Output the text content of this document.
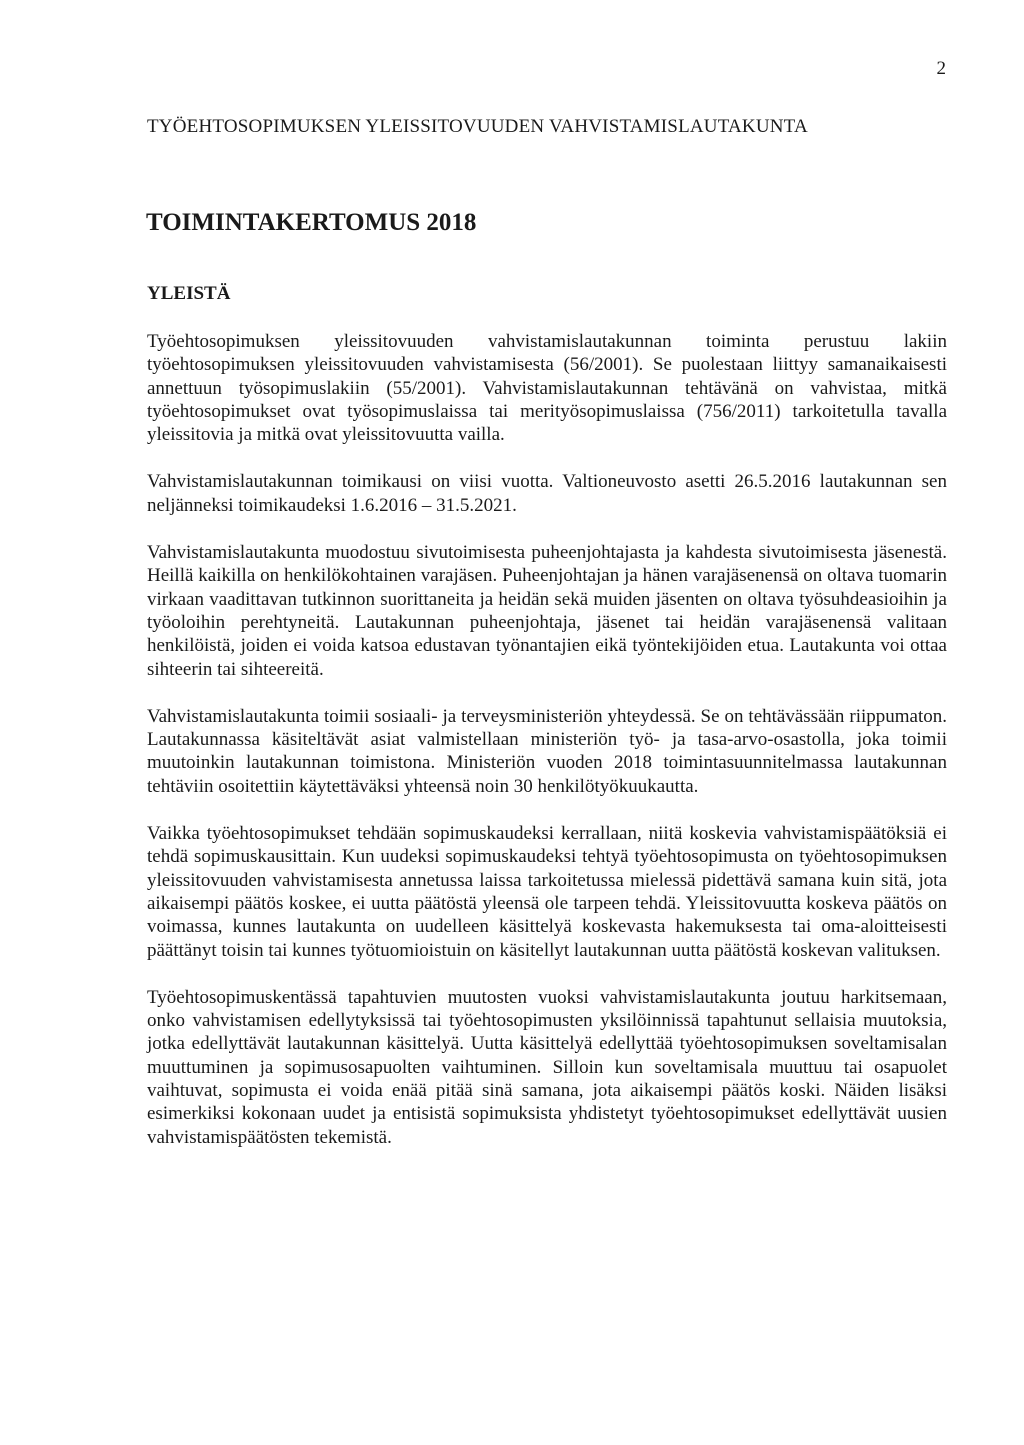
2
TYÖEHTOSOPIMUKSEN YLEISSITOVUUDEN VAHVISTAMISLAUTAKUNTA
TOIMINTAKERTOMUS 2018
YLEISTÄ

Työehtosopimuksen yleissitovuuden vahvistamislautakunnan toiminta perustuu lakiin työehtosopimuksen yleissitovuuden vahvistamisesta (56/2001). Se puolestaan liittyy samanaikaisesti annettuun työsopimuslakiin (55/2001). Vahvistamislautakunnan tehtävänä on vahvistaa, mitkä työehtosopimukset ovat työsopimuslaissa tai merityösopimuslaissa (756/2011) tarkoitetulla tavalla yleissitovia ja mitkä ovat yleissitovuutta vailla.

Vahvistamislautakunnan toimikausi on viisi vuotta. Valtioneuvosto asetti 26.5.2016 lautakunnan sen neljänneksi toimikaudeksi 1.6.2016 – 31.5.2021.

Vahvistamislautakunta muodostuu sivutoimisesta puheenjohtajasta ja kahdesta sivutoimisesta jäsenestä. Heillä kaikilla on henkilökohtainen varajäsen. Puheenjohtajan ja hänen varajäsenensä on oltava tuomarin virkaan vaadittavan tutkinnon suorittaneita ja heidän sekä muiden jäsenten on oltava työsuhdeasioihin ja työoloihin perehtyneitä. Lautakunnan puheenjohtaja, jäsenet tai heidän varajäsenensä valitaan henkilöistä, joiden ei voida katsoa edustavan työnantajien eikä työntekijöiden etua. Lautakunta voi ottaa sihteerin tai sihteereitä.

Vahvistamislautakunta toimii sosiaali- ja terveysministeriön yhteydessä. Se on tehtävässään riippumaton. Lautakunnassa käsiteltävät asiat valmistellaan ministeriön työ- ja tasa-arvo-osastolla, joka toimii muutoinkin lautakunnan toimistona. Ministeriön vuoden 2018 toimintasuunnitelmassa lautakunnan tehtäviin osoitettiin käytettäväksi yhteensä noin 30 henkilötyökuukautta.

Vaikka työehtosopimukset tehdään sopimuskaudeksi kerrallaan, niitä koskevia vahvistamispäätöksiä ei tehdä sopimuskausittain. Kun uudeksi sopimuskaudeksi tehtyä työehtosopimusta on työehtosopimuksen yleissitovuuden vahvistamisesta annetussa laissa tarkoitetussa mielessä pidettävä samana kuin sitä, jota aikaisempi päätös koskee, ei uutta päätöstä yleensä ole tarpeen tehdä. Yleissitovuutta koskeva päätös on voimassa, kunnes lautakunta on uudelleen käsittelyä koskevasta hakemuksesta tai oma-aloitteisesti päättänyt toisin tai kunnes työtuomioistuin on käsitellyt lautakunnan uutta päätöstä koskevan valituksen.

Työehtosopimuskentässä tapahtuvien muutosten vuoksi vahvistamislautakunta joutuu harkitsemaan, onko vahvistamisen edellytyksissä tai työehtosopimusten yksilöinnissä tapahtunut sellaisia muutoksia, jotka edellyttävät lautakunnan käsittelyä. Uutta käsittelyä edellyttää työehtosopimuksen soveltamisalan muuttuminen ja sopimusosapuolten vaihtuminen. Silloin kun soveltamisala muuttuu tai osapuolet vaihtuvat, sopimusta ei voida enää pitää sinä samana, jota aikaisempi päätös koski. Näiden lisäksi esimerkiksi kokonaan uudet ja entisistä sopimuksista yhdistetyt työehtosopimukset edellyttävät uusien vahvistamispäätösten tekemistä.
